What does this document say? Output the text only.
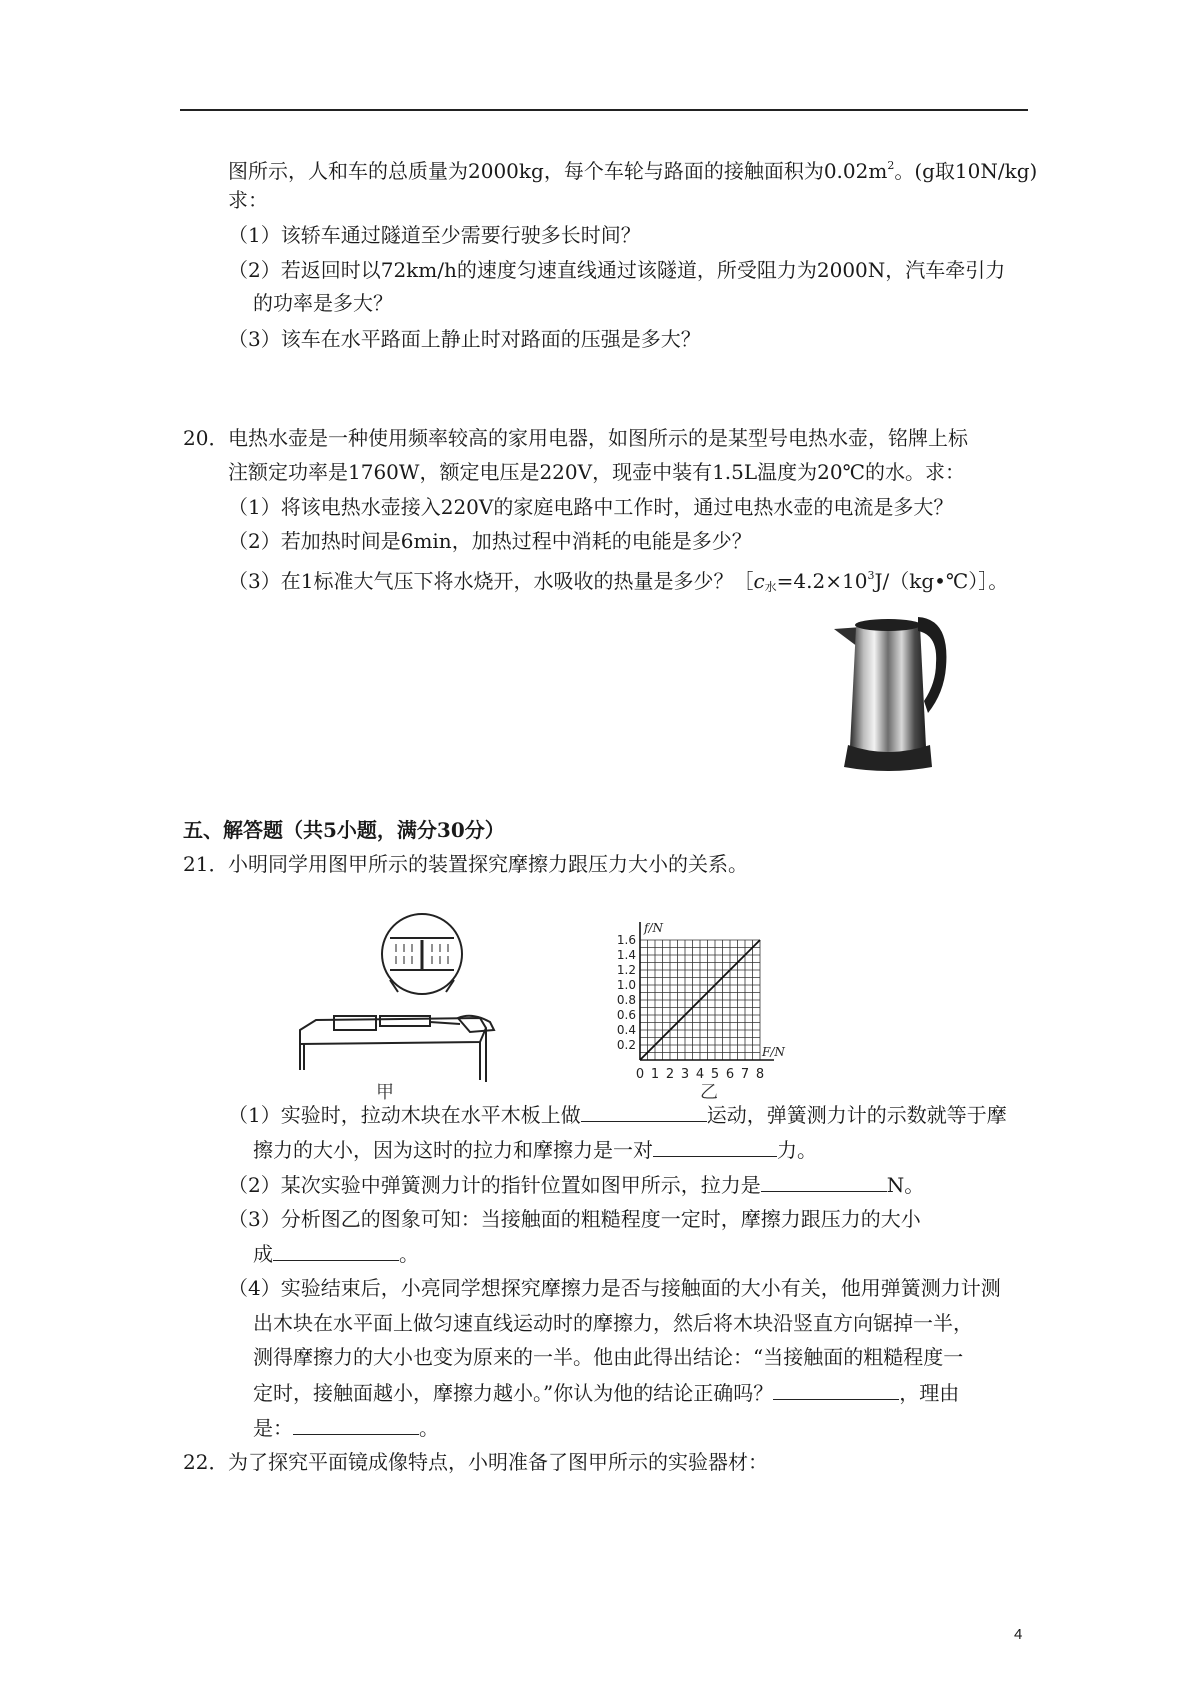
图所示，人和车的总质量为2000kg，每个车轮与路面的接触面积为$0.02m^2$。(g取10N/kg)
求：
（1）该轿车通过隧道至少需要行驶多长时间？
（2）若返回时以72km/h的速度匀速直线通过该隧道，所受阻力为2000N，汽车牵引力
的功率是多大？
（3）该车在水平路面上静止时对路面的压强是多大？
20． 电热水壶是一种使用频率较高的家用电器，如图所示的是某型号电热水壶，铭牌上标
注额定功率是1760W，额定电压是220V，现壶中装有1.5L温度为20℃的水。求：
（1）将该电热水壶接入220V的家庭电路中工作时，通过电热水壶的电流是多大？
（2）若加热时间是6min，加热过程中消耗的电能是多少？
（3）在1标准大气压下将水烧开，水吸收的热量是多少？$[c_水=4.2\times 10^3J/(kg•℃)]$。
五、解答题（共5小题，满分30分）
21． 小明同学用图甲所示的装置探究摩擦力跟压力大小的关系。
甲
0 1 2 3 4 5 6 7 8
0.2
0.4
0.6
0.8
1.0
1.2
1.4
1.6
F/N
f/N
乙
（1）实验时，拉动木块在水平木板上做	运动，弹簧测力计的示数就等于摩
擦力的大小，因为这时的拉力和摩擦力是一对	力。
（2）某次实验中弹簧测力计的指针位置如图甲所示，拉力是	N。
（3）分析图乙的图象可知：当接触面的粗糙程度一定时，摩擦力跟压力的大小
成	。
（4）实验结束后，小亮同学想探究摩擦力是否与接触面的大小有关，他用弹簧测力计测
出木块在水平面上做匀速直线运动时的摩擦力，然后将木块沿竖直方向锯掉一半，
测得摩擦力的大小也变为原来的一半。他由此得出结论：“当接触面的粗糙程度一
定时，接触面越小，摩擦力越小。”你认为他的结论正确吗？	，理由
是：	。
22． 为了探究平面镜成像特点，小明准备了图甲所示的实验器材：
4
